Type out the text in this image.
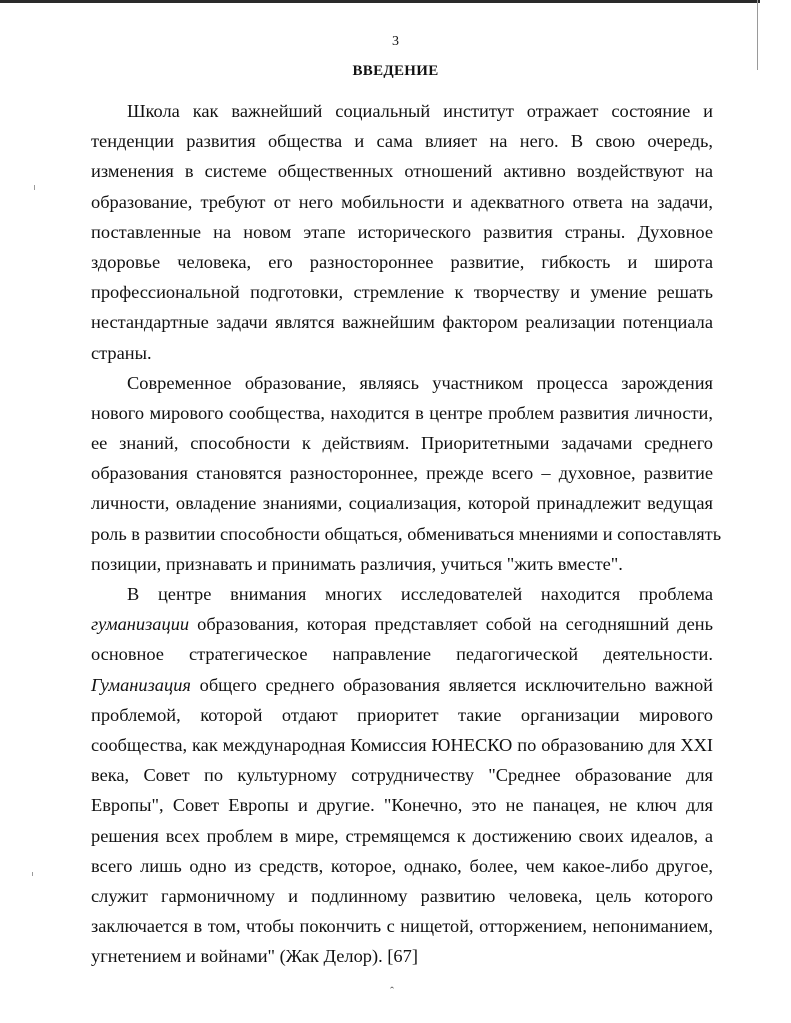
3
ВВЕДЕНИЕ
Школа как важнейший социальный институт отражает состояние и
тенденции развития общества и сама влияет на него. В свою очередь,
изменения в системе общественных отношений активно воздействуют на
образование, требуют от него мобильности и адекватного ответа на задачи,
поставленные на новом этапе исторического развития страны. Духовное
здоровье человека, его разностороннее развитие, гибкость и широта
профессиональной подготовки, стремление к творчеству и умение решать
нестандартные задачи являтся важнейшим фактором реализации потенциала
страны.
Современное образование, являясь участником процесса зарождения
нового мирового сообщества, находится в центре проблем развития личности,
ее знаний, способности к действиям. Приоритетными задачами среднего
образования становятся разностороннее, прежде всего – духовное, развитие
личности, овладение знаниями, социализация, которой принадлежит ведущая
роль в развитии способности общаться, обмениваться мнениями и сопоставлять
позиции, признавать и принимать различия, учиться "жить вместе".
В центре внимания многих исследователей находится проблема
гуманизации образования, которая представляет собой на сегодняшний день
основное стратегическое направление педагогической деятельности.
Гуманизация общего среднего образования является исключительно важной
проблемой, которой отдают приоритет такие организации мирового
сообщества, как международная Комиссия ЮНЕСКО по образованию для XXI
века, Совет по культурному сотрудничеству "Среднее образование для
Европы", Совет Европы и другие. "Конечно, это не панацея, не ключ для
решения всех проблем в мире, стремящемся к достижению своих идеалов, а
всего лишь одно из средств, которое, однако, более, чем какое-либо другое,
служит гармоничному и подлинному развитию человека, цель которого
заключается в том, чтобы покончить с нищетой, отторжением, непониманием,
угнетением и войнами" (Жак Делор). [67]
ˆ
